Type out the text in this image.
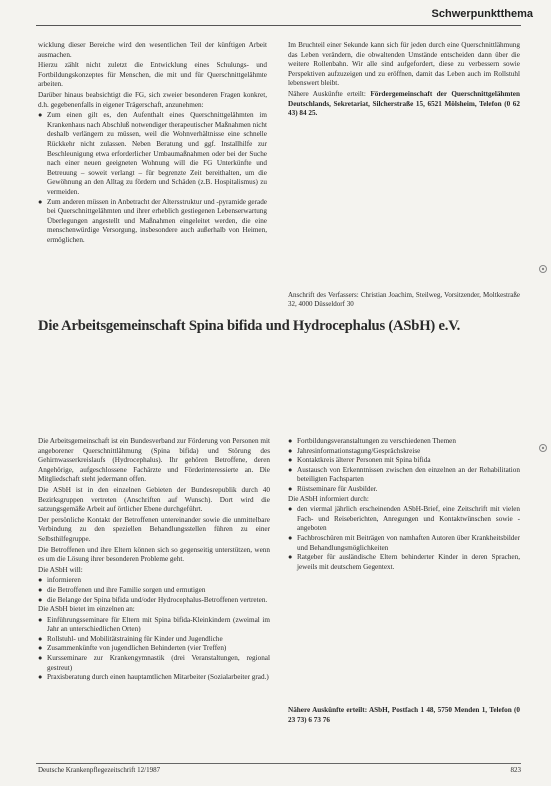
Schwerpunktthema

wicklung dieser Bereiche wird den wesentlichen Teil der künftigen Arbeit ausmachen.

Hierzu zählt nicht zuletzt die Entwicklung eines Schulungs- und Fortbildungskonzeptes für Menschen, die mit und für Querschnittgelähmte arbeiten.

Darüber hinaus beabsichtigt die FG, sich zweier besonderen Fragen konkret, d.h. gegebenenfalls in eigener Trägerschaft, anzunehmen:

● Zum einen gilt es, den Aufenthalt eines Querschnittgelähmten im Krankenhaus nach Abschluß notwendiger therapeutischer Maßnahmen nicht deshalb verlängern zu müssen, weil die Wohnverhältnisse eine schnelle Rückkehr nicht zulassen. Neben Beratung und ggf. Installhilfe zur Beschleunigung etwa erforderlicher Umbaumaßnahmen oder bei der Suche nach einer neuen geeigneten Wohnung will die FG Unterkünfte und Betreuung – soweit verlangt – für begrenzte Zeit bereithalten, um die Gewöhnung an den Alltag zu fördern und Schäden (z.B. Hospitalismus) zu vermeiden.
● Zum anderen müssen in Anbetracht der Altersstruktur und -pyramide gerade bei Querschnittgelähmten und ihrer erheblich gestiegenen Lebenserwartung Überlegungen angestellt und Maßnahmen eingeleitet werden, die eine menschenwürdige Versorgung, insbesondere auch außerhalb von Heimen, ermöglichen.

Im Bruchteil einer Sekunde kann sich für jeden durch eine Querschnittlähmung das Leben verändern, die obwaltenden Umstände entscheiden dann über die weitere Rollenbahn. Wir alle sind aufgefordert, diese zu verbessern sowie Perspektiven aufzuzeigen und zu eröffnen, damit das Leben auch im Rollstuhl lebenswert bleibt.

Nähere Auskünfte erteilt: Fördergemeinschaft der Querschnittgelähmten Deutschlands, Sekretariat, Silcherstraße 15, 6521 Mölsheim, Telefon (0 62 43) 84 25.

Anschrift des Verfassers: Christian Joachim, Steilweg, Vorsitzender, Moltkestraße 32, 4000 Düsseldorf 30
Die Arbeitsgemeinschaft Spina bifida und Hydrocephalus (ASbH) e.V.

Die Arbeitsgemeinschaft ist ein Bundesverband zur Förderung von Personen mit angeborener Querschnittlähmung (Spina bifida) und Störung des Gehirnwasserkreislaufs (Hydrocephalus). Ihr gehören Betroffene, deren Angehörige, aufgeschlossene Fachärzte und Förderinteressierte an. Die Mitgliedschaft steht jedermann offen.

Die ASbH ist in den einzelnen Gebieten der Bundesrepublik durch 40 Bezirksgruppen vertreten (Anschriften auf Wunsch). Dort wird die satzungsgemäße Arbeit auf örtlicher Ebene durchgeführt.

Der persönliche Kontakt der Betroffenen untereinander sowie die unmittelbare Verbindung zu den speziellen Behandlungsstellen führen zu einer Selbsthilfegruppe.

Die Betroffenen und ihre Eltern können sich so gegenseitig unterstützen, wenn es um die Lösung ihrer besonderen Probleme geht.

Die ASbH will:

● informieren
● die Betroffenen und ihre Familie sorgen und ermutigen
● die Belange der Spina bifida und/oder Hydrocephalus-Betroffenen vertreten.

Die ASbH bietet im einzelnen an:

● Einführungsseminare für Eltern mit Spina bifida-Kleinkindern (zweimal im Jahr an unterschiedlichen Orten)
● Rollstuhl- und Mobilitätstraining für Kinder und Jugendliche
● Zusammenkünfte von jugendlichen Behinderten (vier Treffen)
● Kursseminare zur Krankengymnastik (drei Veranstaltungen, regional gestreut)
● Praxisberatung durch einen hauptamtlichen Mitarbeiter (Sozialarbeiter grad.)
● Fortbildungsveranstaltungen zu verschiedenen Themen
● Jahresinformationstagung/Gesprächskreise
● Kontaktkreis älterer Personen mit Spina bifida
● Austausch von Erkenntnissen zwischen den einzelnen an der Rehabilitation beteiligten Fachsparten
● Rüstseminare für Ausbilder.

Die ASbH informiert durch:

● den viermal jährlich erscheinenden ASbH-Brief, eine Zeitschrift mit vielen Fach- und Reiseberichten, Anregungen und Kontaktwünschen sowie -angeboten
● Fachbroschüren mit Beiträgen von namhaften Autoren über Krankheitsbilder und Behandlungsmöglichkeiten
● Ratgeber für ausländische Eltern behinderter Kinder in deren Sprachen, jeweils mit deutschem Gegentext.
Nähere Auskünfte erteilt: ASbH, Postfach 1 48, 5750 Menden 1, Telefon (0 23 73) 6 73 76
Deutsche Krankenpflegezeitschrift 12/1987	823
